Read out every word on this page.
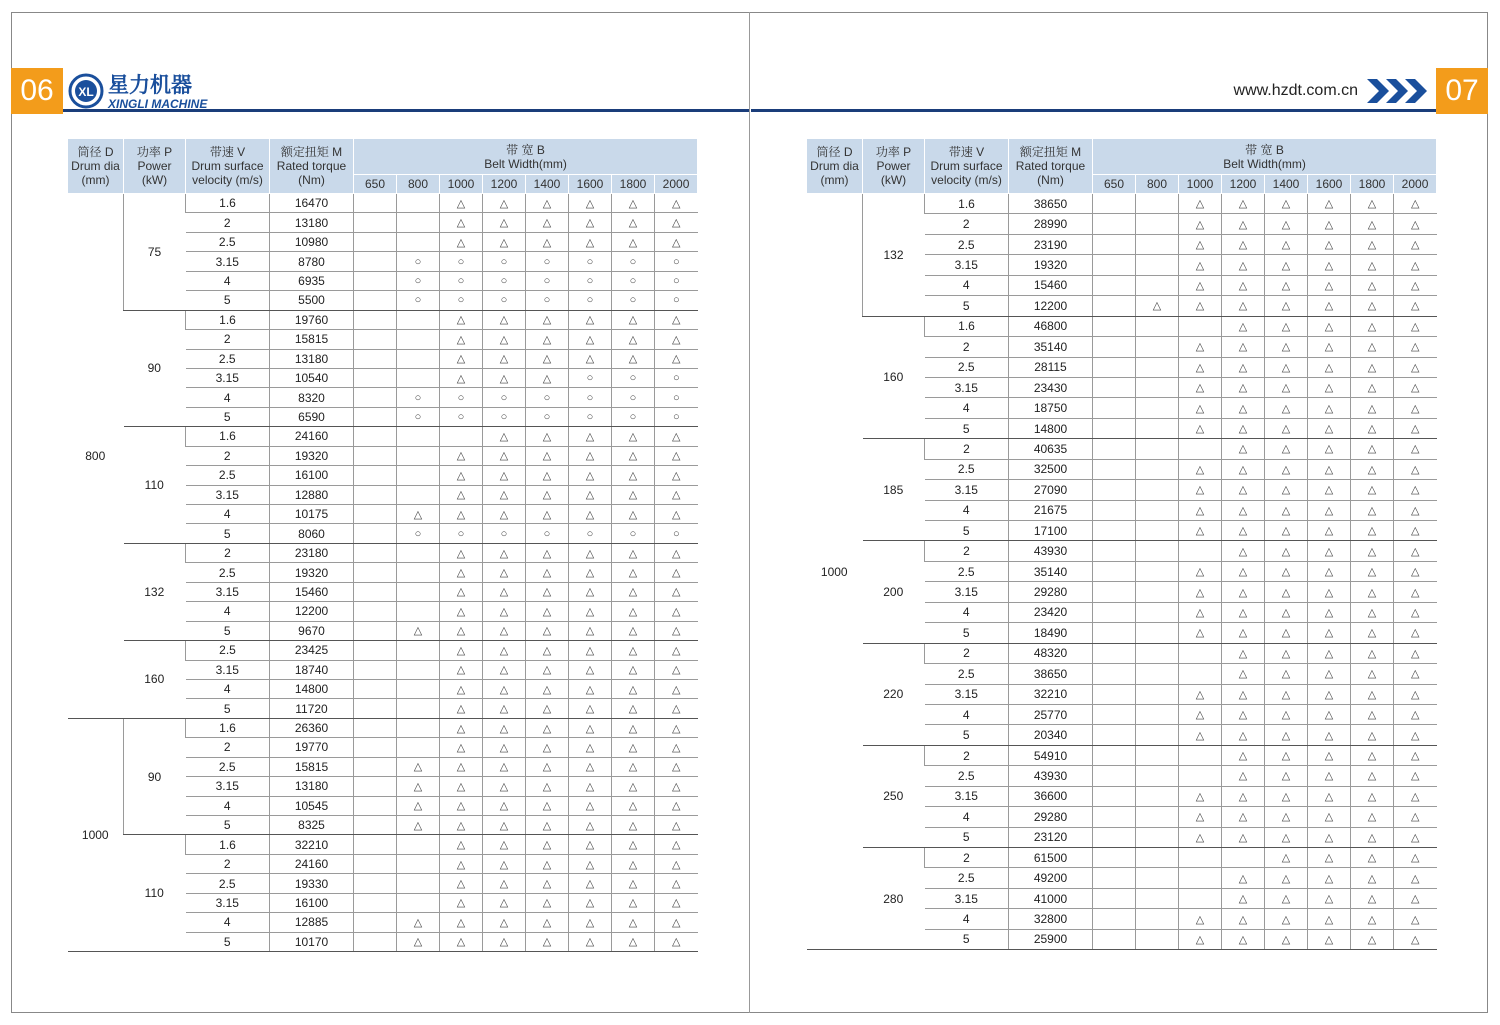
06	XL 星力机器
XINGLI MACHINE
www.hzdt.com.cn	07
筒径 D
Drum dia
(mm)	功率 P
Power
(kW)	带速 V
Drum surface
velocity (m/s)	额定扭矩 M
Rated torque
(Nm)	带 宽 B
Belt Width(mm)							
				650	800	1000	1200	1400	1600	1800	2000
800	75	1.6	16470			△	△	△	△	△	△
		2	13180			△	△	△	△	△	△
		2.5	10980			△	△	△	△	△	△
		3.15	8780		○	○	○	○	○	○	○
		4	6935		○	○	○	○	○	○	○
		5	5500		○	○	○	○	○	○	○
	90	1.6	19760			△	△	△	△	△	△
		2	15815			△	△	△	△	△	△
		2.5	13180			△	△	△	△	△	△
		3.15	10540			△	△	△	○	○	○
		4	8320		○	○	○	○	○	○	○
		5	6590		○	○	○	○	○	○	○
	110	1.6	24160				△	△	△	△	△
		2	19320			△	△	△	△	△	△
		2.5	16100			△	△	△	△	△	△
		3.15	12880			△	△	△	△	△	△
		4	10175		△	△	△	△	△	△	△
		5	8060		○	○	○	○	○	○	○
	132	2	23180			△	△	△	△	△	△
		2.5	19320			△	△	△	△	△	△
		3.15	15460			△	△	△	△	△	△
		4	12200			△	△	△	△	△	△
		5	9670		△	△	△	△	△	△	△
	160	2.5	23425			△	△	△	△	△	△
		3.15	18740			△	△	△	△	△	△
		4	14800			△	△	△	△	△	△
		5	11720			△	△	△	△	△	△
1000	90	1.6	26360			△	△	△	△	△	△
		2	19770			△	△	△	△	△	△
		2.5	15815		△	△	△	△	△	△	△
		3.15	13180		△	△	△	△	△	△	△
		4	10545		△	△	△	△	△	△	△
		5	8325		△	△	△	△	△	△	△
	110	1.6	32210			△	△	△	△	△	△
		2	24160			△	△	△	△	△	△
		2.5	19330			△	△	△	△	△	△
		3.15	16100			△	△	△	△	△	△
		4	12885		△	△	△	△	△	△	△
		5	10170		△	△	△	△	△	△	△
筒径 D
Drum dia
(mm)	功率 P
Power
(kW)	带速 V
Drum surface
velocity (m/s)	额定扭矩 M
Rated torque
(Nm)	带 宽 B
Belt Width(mm)							
				650	800	1000	1200	1400	1600	1800	2000
1000	132	1.6	38650			△	△	△	△	△	△
		2	28990			△	△	△	△	△	△
		2.5	23190			△	△	△	△	△	△
		3.15	19320			△	△	△	△	△	△
		4	15460			△	△	△	△	△	△
		5	12200		△	△	△	△	△	△	△
	160	1.6	46800				△	△	△	△	△
		2	35140			△	△	△	△	△	△
		2.5	28115			△	△	△	△	△	△
		3.15	23430			△	△	△	△	△	△
		4	18750			△	△	△	△	△	△
		5	14800			△	△	△	△	△	△
	185	2	40635				△	△	△	△	△
		2.5	32500			△	△	△	△	△	△
		3.15	27090			△	△	△	△	△	△
		4	21675			△	△	△	△	△	△
		5	17100			△	△	△	△	△	△
	200	2	43930				△	△	△	△	△
		2.5	35140			△	△	△	△	△	△
		3.15	29280			△	△	△	△	△	△
		4	23420			△	△	△	△	△	△
		5	18490			△	△	△	△	△	△
	220	2	48320				△	△	△	△	△
		2.5	38650				△	△	△	△	△
		3.15	32210			△	△	△	△	△	△
		4	25770			△	△	△	△	△	△
		5	20340			△	△	△	△	△	△
	250	2	54910				△	△	△	△	△
		2.5	43930				△	△	△	△	△
		3.15	36600			△	△	△	△	△	△
		4	29280			△	△	△	△	△	△
		5	23120			△	△	△	△	△	△
	280	2	61500					△	△	△	△
		2.5	49200				△	△	△	△	△
		3.15	41000				△	△	△	△	△
		4	32800			△	△	△	△	△	△
		5	25900			△	△	△	△	△	△
